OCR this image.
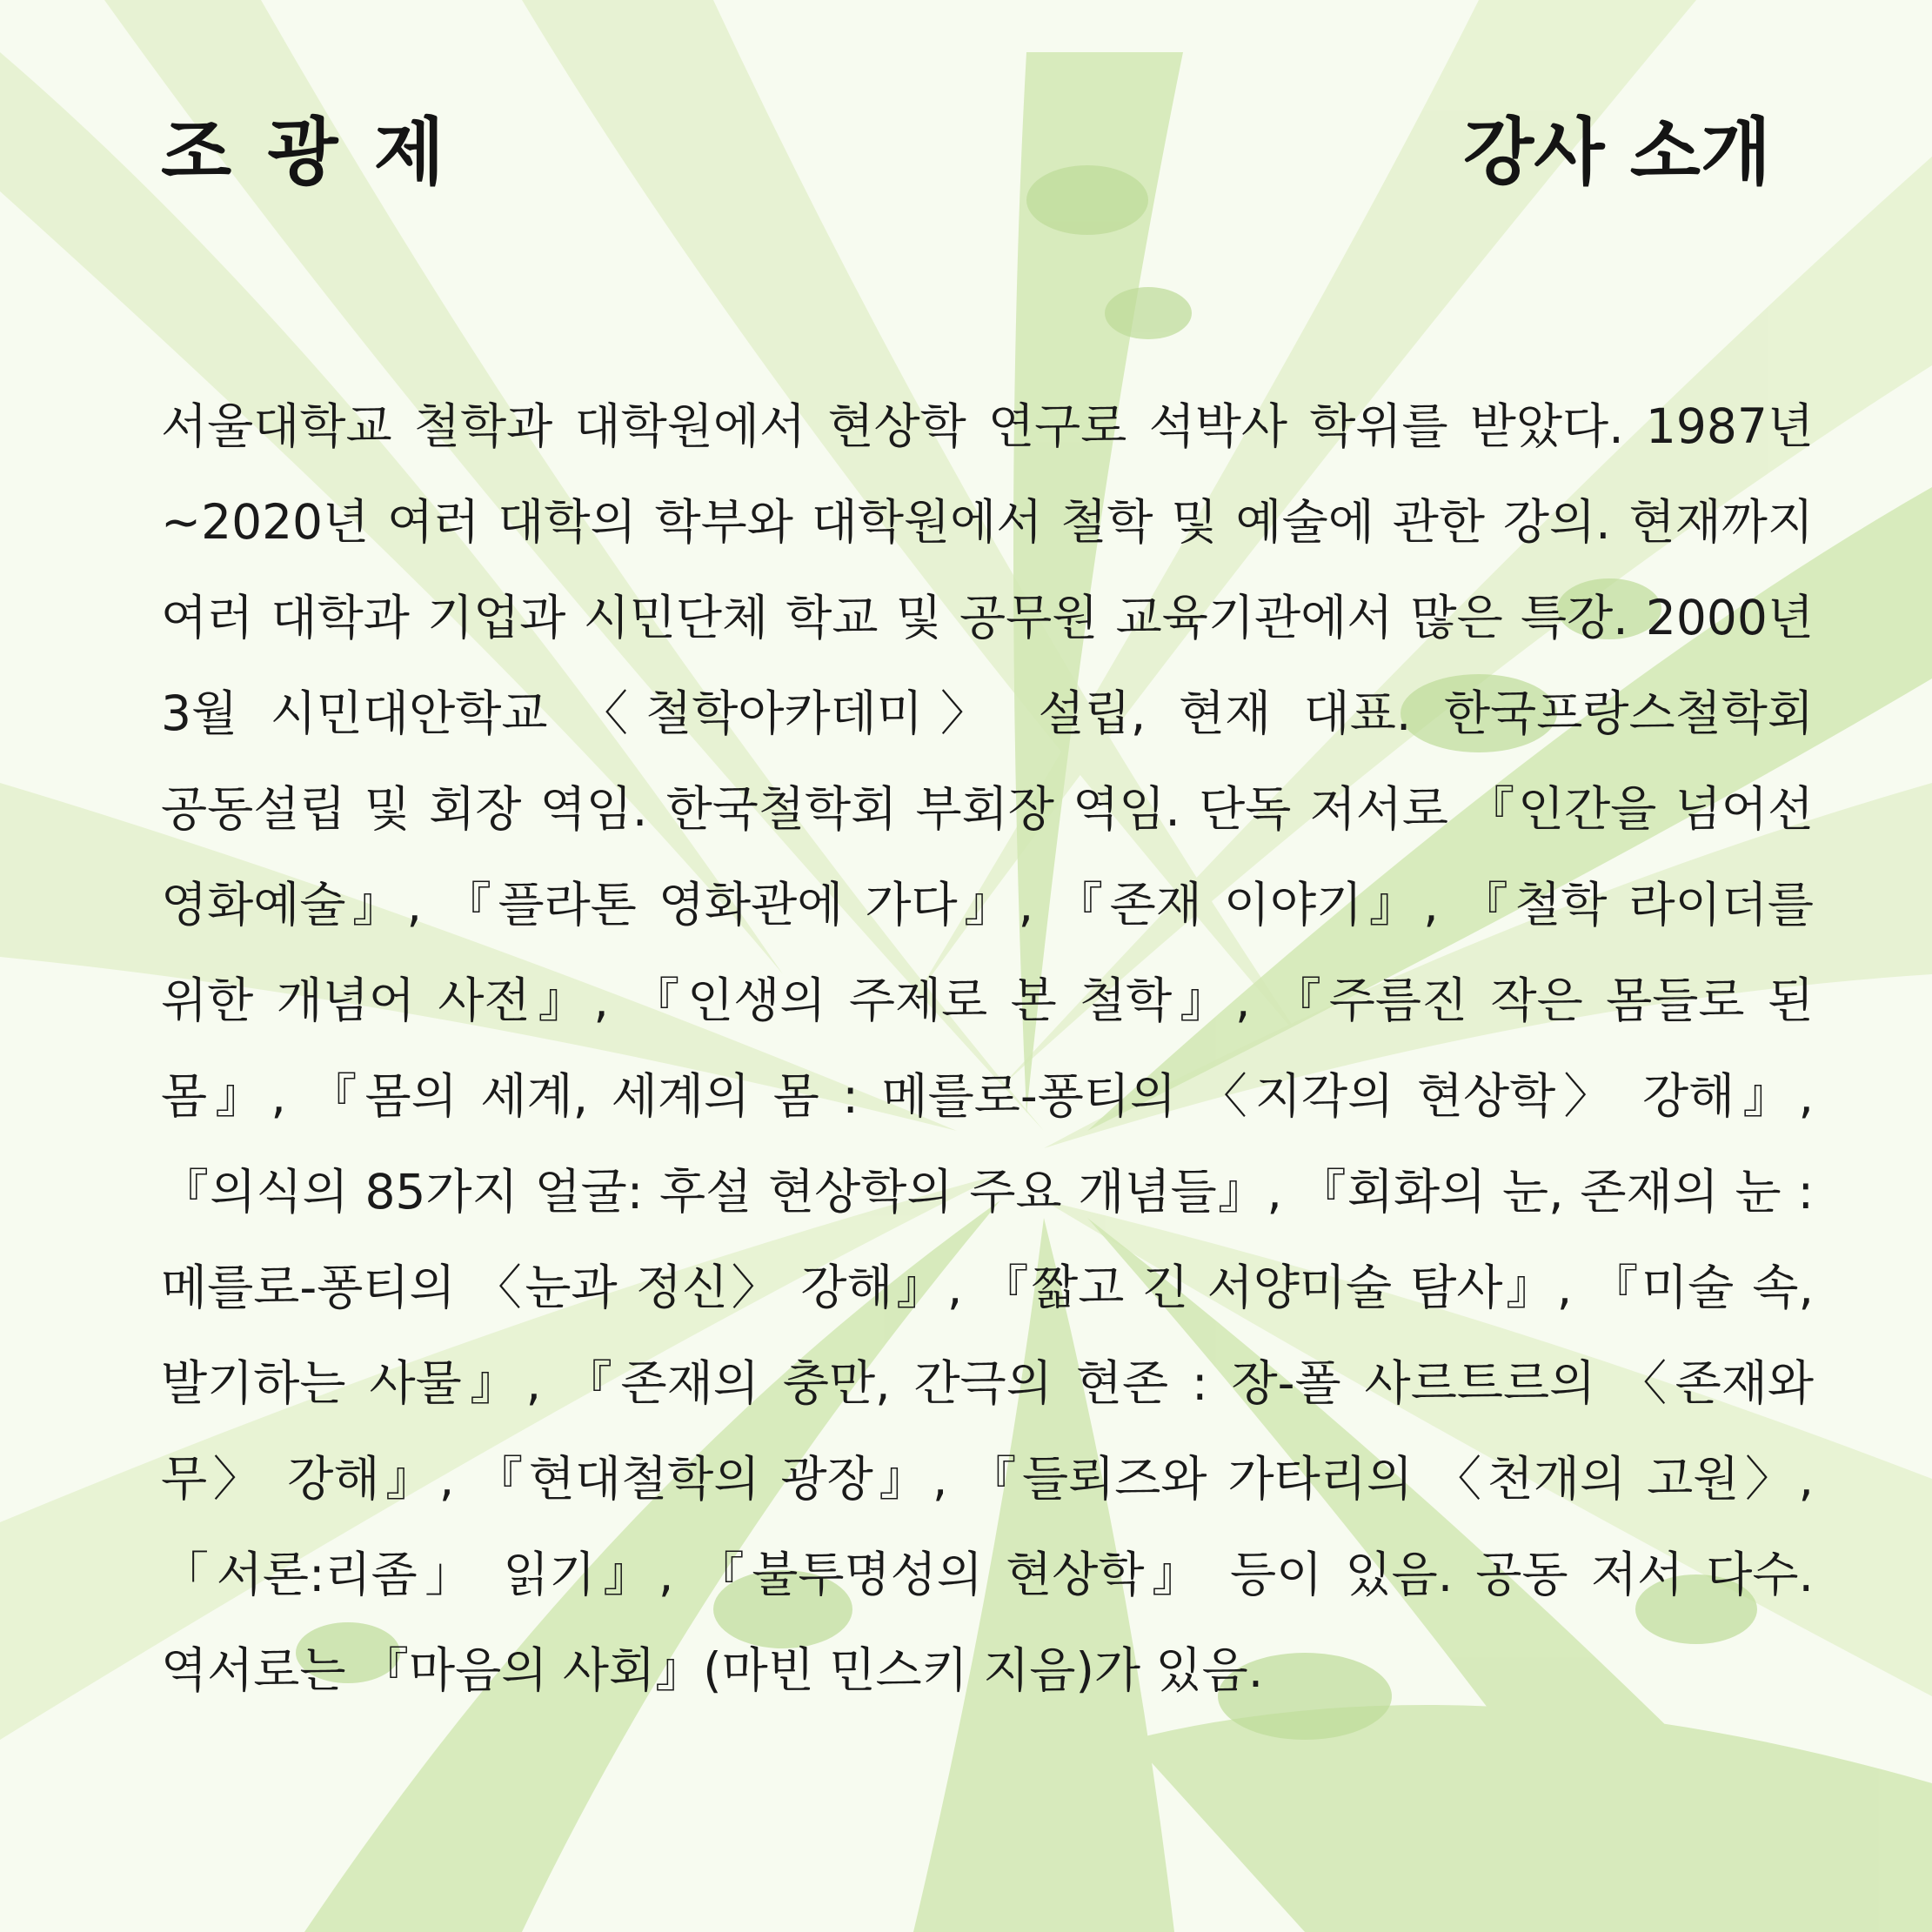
조 광 제	강사 소개

서울대학교 철학과 대학원에서 현상학 연구로 석박사 학위를 받았다. 1987년~2020년 여러 대학의 학부와 대학원에서 철학 및 예술에 관한 강의. 현재까지 여러 대학과 기업과 시민단체 학교 및 공무원 교육기관에서 많은 특강. 2000년 3월 시민대안학교 〈철학아카데미〉 설립, 현재 대표. 한국프랑스철학회 공동설립 및 회장 역임. 한국철학회 부회장 역임. 단독 저서로 『인간을 넘어선 영화예술』, 『플라톤 영화관에 가다』, 『존재 이야기』, 『철학 라이더를 위한 개념어 사전』, 『인생의 주제로 본 철학』, 『주름진 작은 몸들로 된 몸』, 『몸의 세계, 세계의 몸 : 메를로-퐁티의 〈지각의 현상학〉 강해』, 『의식의 85가지 얼굴: 후설 현상학의 주요 개념들』, 『회화의 눈, 존재의 눈 : 메를로-퐁티의 〈눈과 정신〉 강해』, 『짧고 긴 서양미술 탐사』, 『미술 속, 발기하는 사물』, 『존재의 충만, 간극의 현존 : 장-폴 사르트르의 〈존재와 무〉 강해』, 『현대철학의 광장』, 『들뢰즈와 가타리의 〈천개의 고원〉, 「서론:리좀」 읽기』, 『불투명성의 현상학』 등이 있음. 공동 저서 다수. 역서로는 『마음의 사회』(마빈 민스키 지음)가 있음.
